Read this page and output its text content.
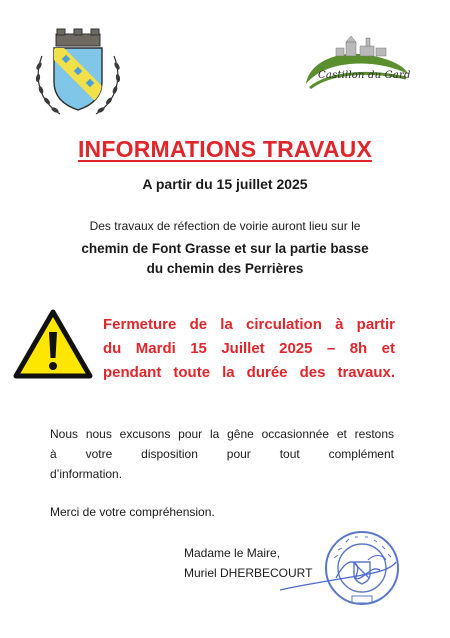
Castillon du Gard
INFORMATIONS TRAVAUX
A partir du 15 juillet 2025
Des travaux de réfection de voirie auront lieu sur le
chemin de Font Grasse et sur la partie basse
du chemin des Perrières
Fermeture de la circulation à partir
du Mardi 15 Juillet 2025 – 8h et
pendant toute la durée des travaux.
Nous nous excusons pour la gêne occasionnée et restons
à votre disposition pour tout complément
d’information.
Merci de votre compréhension.
Madame le Maire,
Muriel DHERBECOURT
